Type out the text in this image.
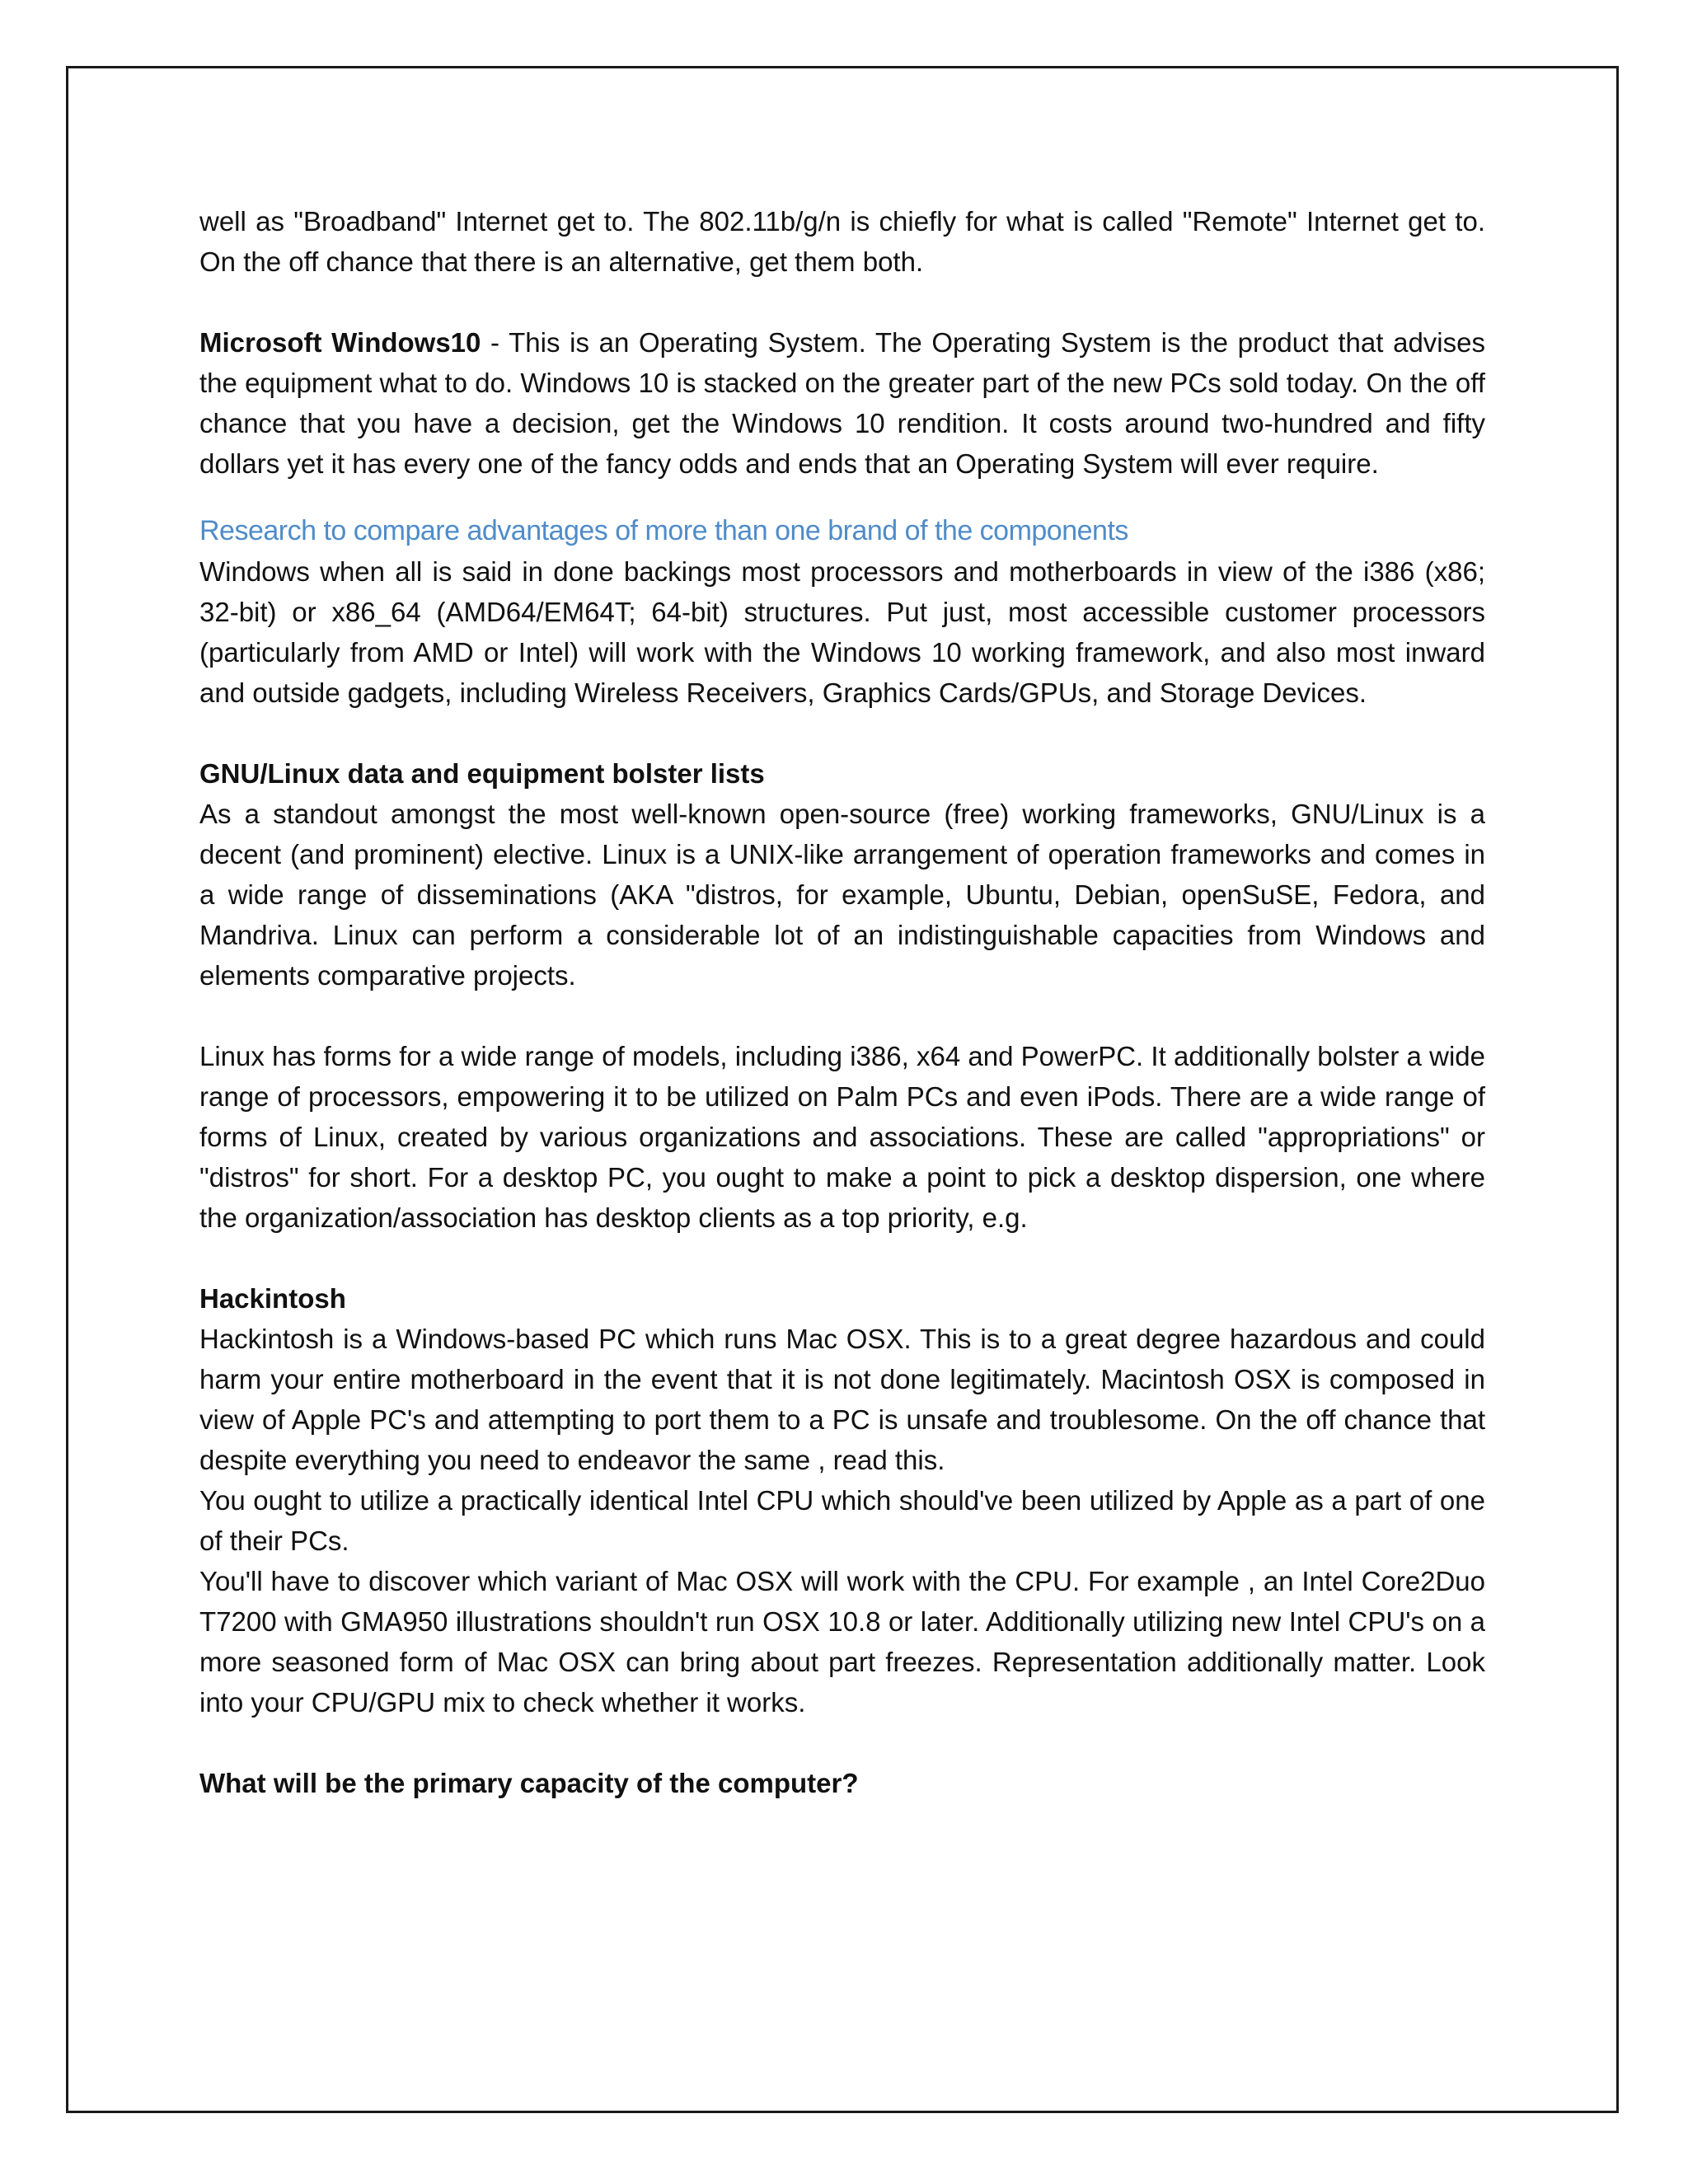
well as "Broadband" Internet get to. The 802.11b/g/n is chiefly for what is called "Remote" Internet get to. On the off chance that there is an alternative, get them both.

Microsoft Windows10 - This is an Operating System. The Operating System is the product that advises the equipment what to do. Windows 10 is stacked on the greater part of the new PCs sold today. On the off chance that you have a decision, get the Windows 10 rendition. It costs around two-hundred and fifty dollars yet it has every one of the fancy odds and ends that an Operating System will ever require.

Research to compare advantages of more than one brand of the components

Windows when all is said in done backings most processors and motherboards in view of the i386 (x86; 32-bit) or x86_64 (AMD64/EM64T; 64-bit) structures. Put just, most accessible customer processors (particularly from AMD or Intel) will work with the Windows 10 working framework, and also most inward and outside gadgets, including Wireless Receivers, Graphics Cards/GPUs, and Storage Devices.

GNU/Linux data and equipment bolster lists

As a standout amongst the most well-known open-source (free) working frameworks, GNU/Linux is a decent (and prominent) elective. Linux is a UNIX-like arrangement of operation frameworks and comes in a wide range of disseminations (AKA "distros, for example, Ubuntu, Debian, openSuSE, Fedora, and Mandriva. Linux can perform a considerable lot of an indistinguishable capacities from Windows and elements comparative projects.

Linux has forms for a wide range of models, including i386, x64 and PowerPC. It additionally bolster a wide range of processors, empowering it to be utilized on Palm PCs and even iPods. There are a wide range of forms of Linux, created by various organizations and associations. These are called "appropriations" or "distros" for short. For a desktop PC, you ought to make a point to pick a desktop dispersion, one where the organization/association has desktop clients as a top priority, e.g.

Hackintosh

Hackintosh is a Windows-based PC which runs Mac OSX. This is to a great degree hazardous and could harm your entire motherboard in the event that it is not done legitimately. Macintosh OSX is composed in view of Apple PC's and attempting to port them to a PC is unsafe and troublesome. On the off chance that despite everything you need to endeavor the same , read this.

You ought to utilize a practically identical Intel CPU which should've been utilized by Apple as a part of one of their PCs.

You'll have to discover which variant of Mac OSX will work with the CPU. For example , an Intel Core2Duo T7200 with GMA950 illustrations shouldn't run OSX 10.8 or later. Additionally utilizing new Intel CPU's on a more seasoned form of Mac OSX can bring about part freezes. Representation additionally matter. Look into your CPU/GPU mix to check whether it works.

What will be the primary capacity of the computer?
